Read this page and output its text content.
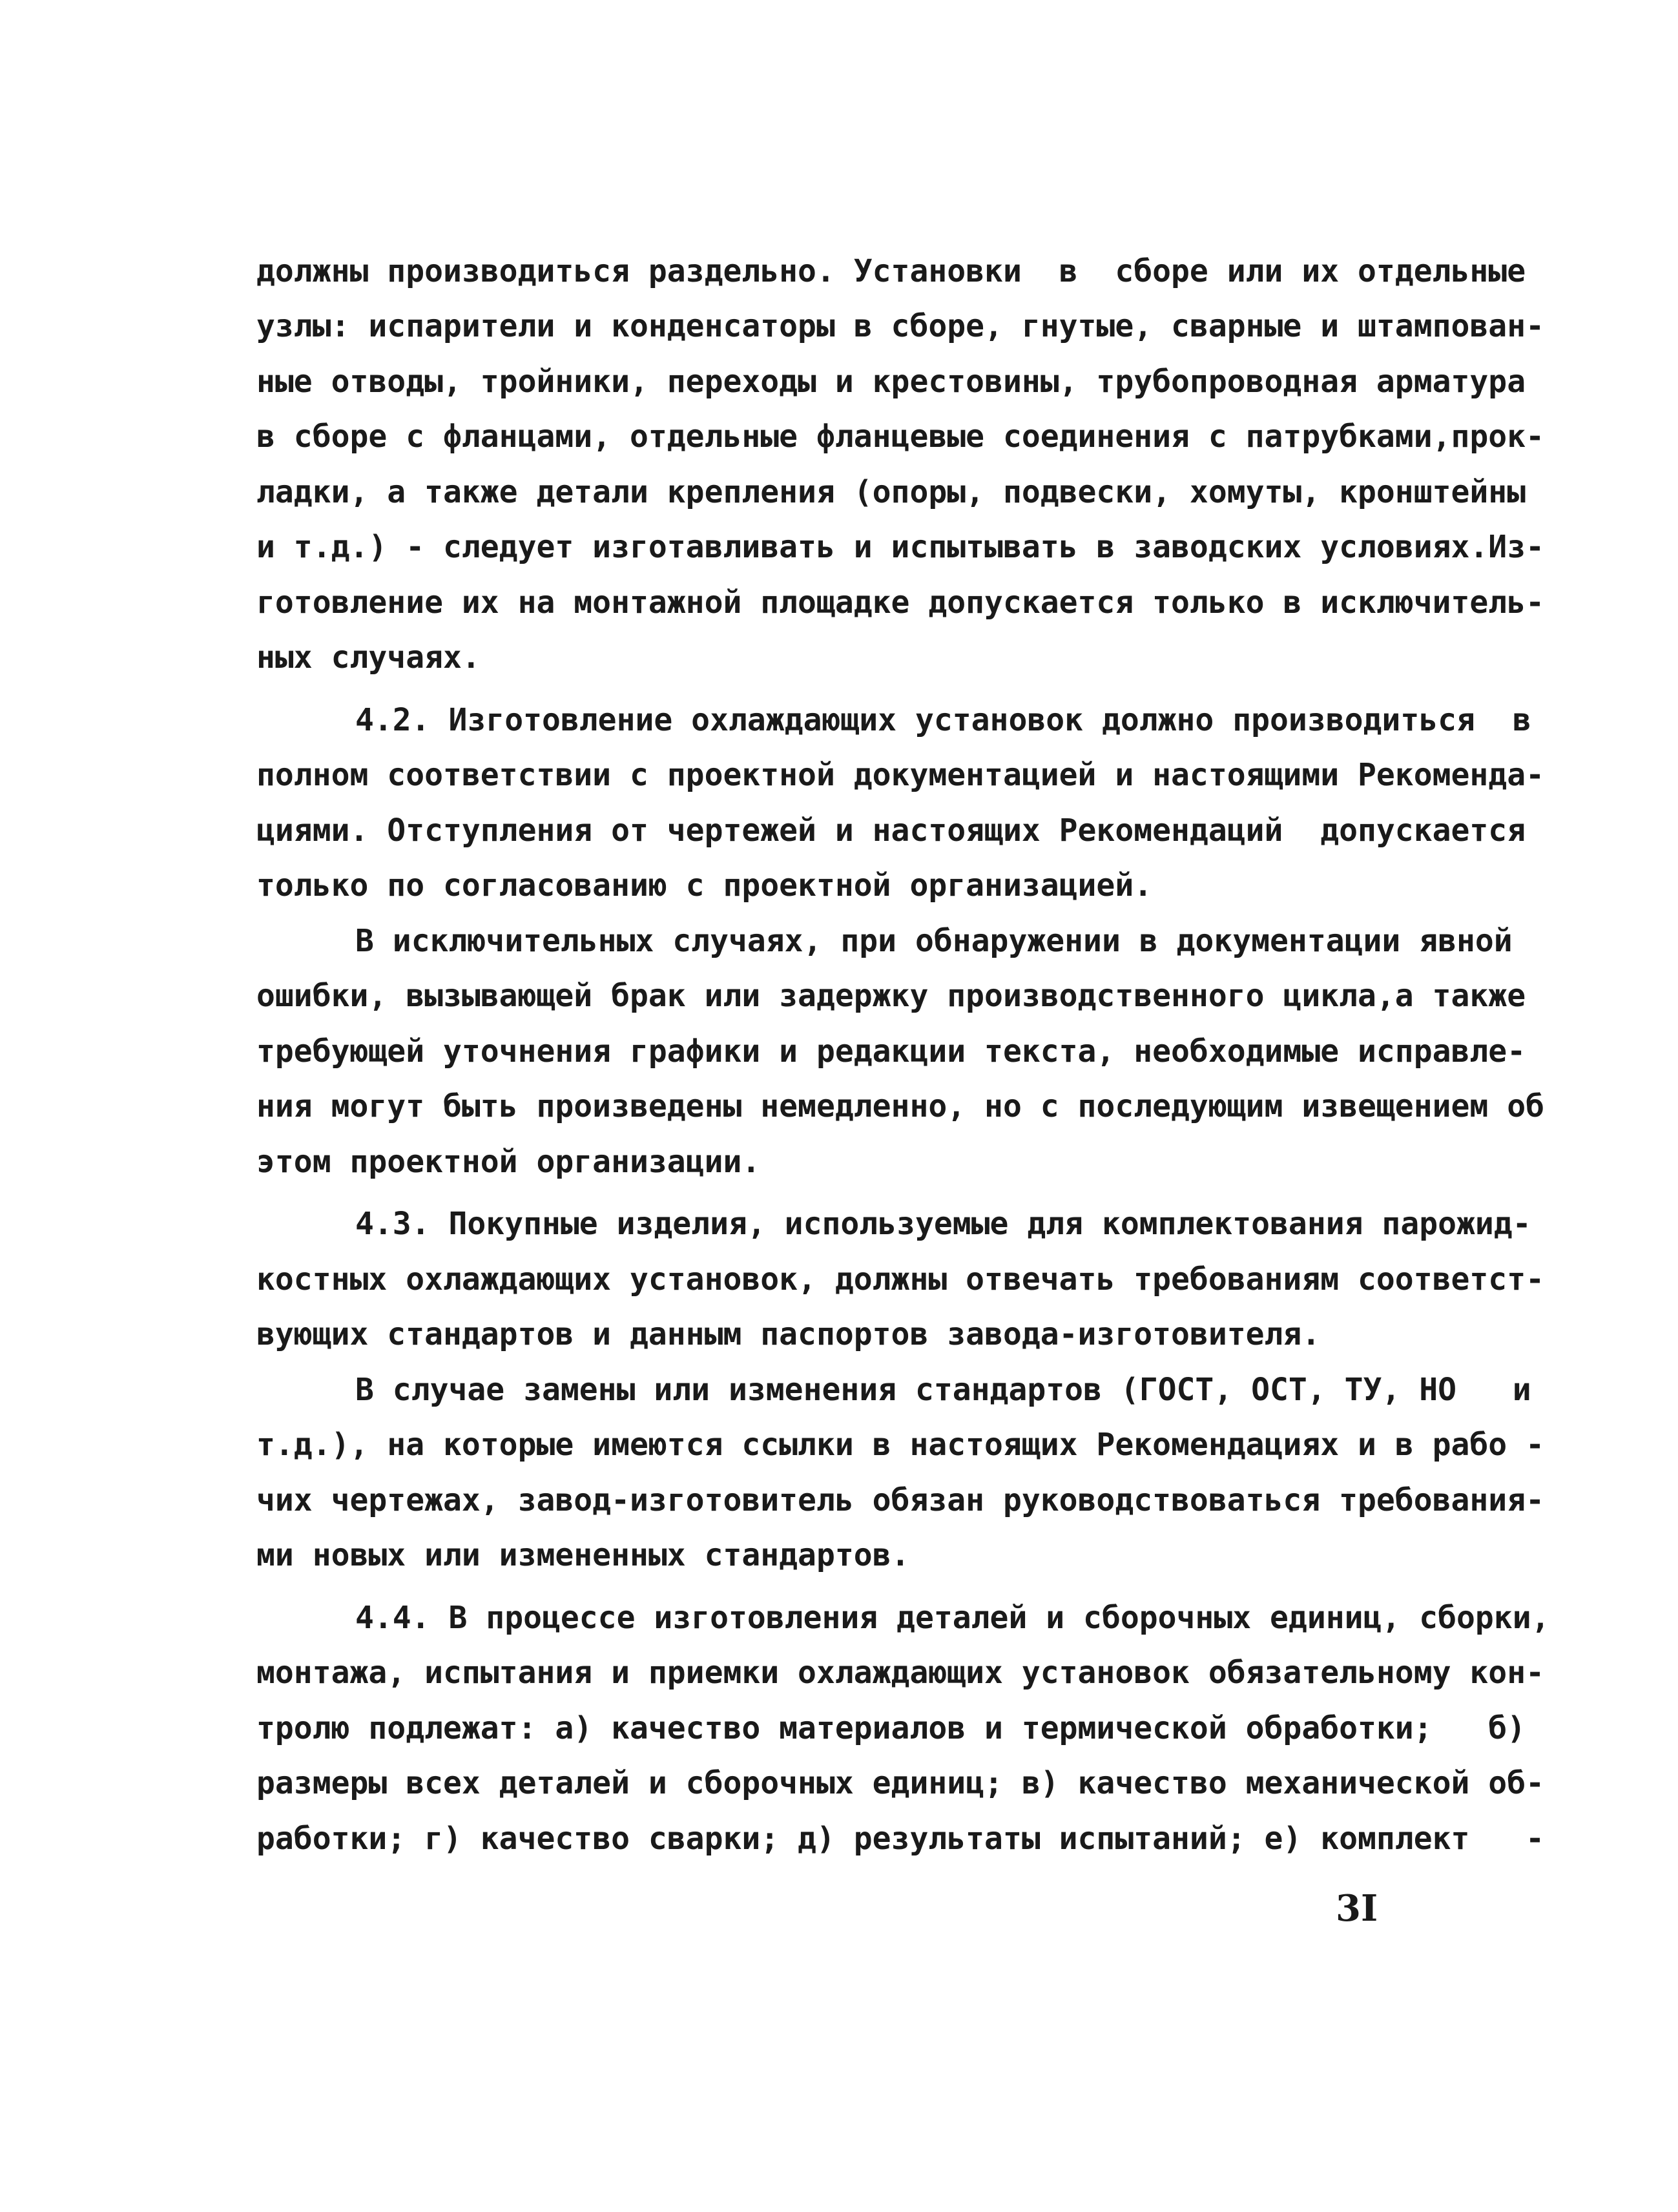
должны производиться раздельно. Установки  в  сборе или их отдельные
узлы: испарители и конденсаторы в сборе, гнутые, сварные и штампован-
ные отводы, тройники, переходы и крестовины, трубопроводная арматура
в сборе с фланцами, отдельные фланцевые соединения с патрубками,прок-
ладки, а также детали крепления (опоры, подвески, хомуты, кронштейны
и т.д.) - следует изготавливать и испытывать в заводских условиях.Из-
готовление их на монтажной площадке допускается только в исключитель-
ных случаях.
4.2. Изготовление охлаждающих установок должно производиться  в
полном соответствии с проектной документацией и настоящими Рекоменда-
циями. Отступления от чертежей и настоящих Рекомендаций  допускается
только по согласованию с проектной организацией.
В исключительных случаях, при обнаружении в документации явной
ошибки, вызывающей брак или задержку производственного цикла,а также
требующей уточнения графики и редакции текста, необходимые исправле-
ния могут быть произведены немедленно, но с последующим извещением об
этом проектной организации.
4.3. Покупные изделия, используемые для комплектования парожид-
костных охлаждающих установок, должны отвечать требованиям соответст-
вующих стандартов и данным паспортов завода-изготовителя.
В случае замены или изменения стандартов (ГОСТ, ОСТ, ТУ, НО   и
т.д.), на которые имеются ссылки в настоящих Рекомендациях и в рабо -
чих чертежах, завод-изготовитель обязан руководствоваться требования-
ми новых или измененных стандартов.
4.4. В процессе изготовления деталей и сборочных единиц, сборки,
монтажа, испытания и приемки охлаждающих установок обязательному кон-
тролю подлежат: а) качество материалов и термической обработки;   б)
размеры всех деталей и сборочных единиц; в) качество механической об-
работки; г) качество сварки; д) результаты испытаний; е) комплект   -
3I
